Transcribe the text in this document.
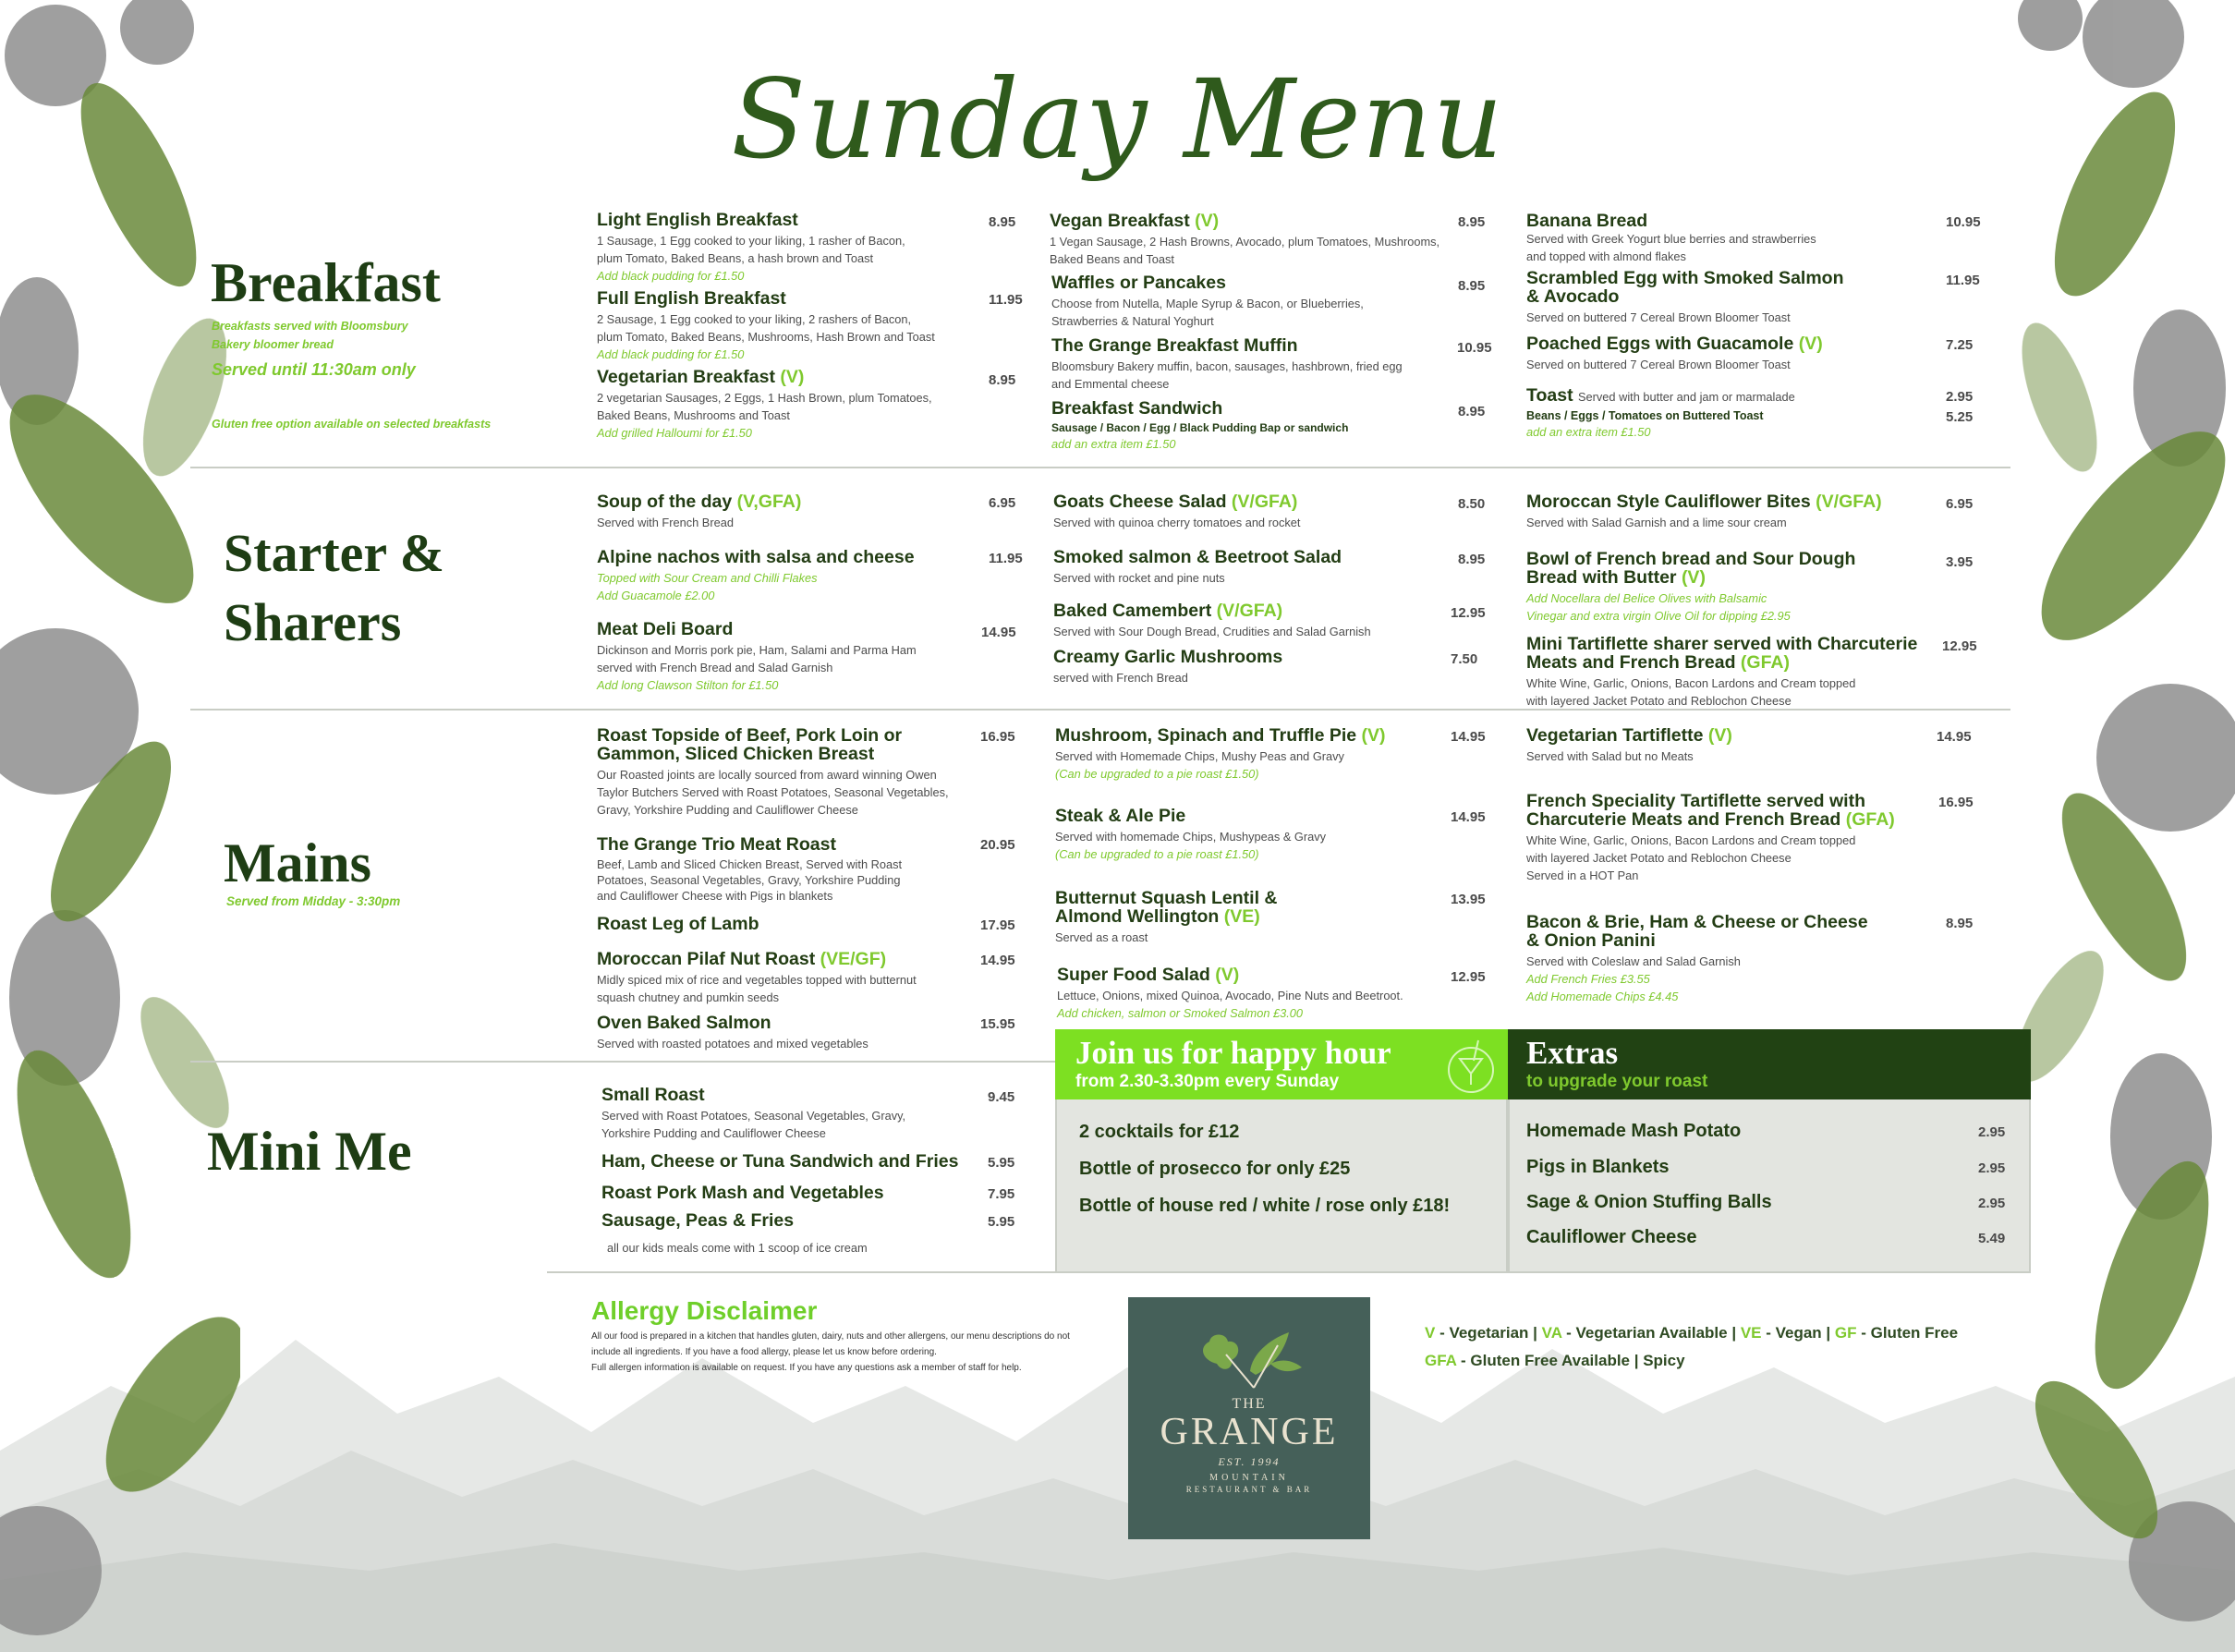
Sunday Menu
Breakfast
Breakfasts served with Bloomsbury
Bakery bloomer bread
Served until 11:30am only
Gluten free option available on selected breakfasts
Light English Breakfast
1 Sausage, 1 Egg cooked to your liking, 1 rasher of Bacon,
plum Tomato, Baked Beans, a hash brown and Toast
Add black pudding for £1.50
8.95
Full English Breakfast
2 Sausage, 1 Egg cooked to your liking, 2 rashers of Bacon,
plum Tomato, Baked Beans, Mushrooms, Hash Brown and Toast
Add black pudding for £1.50
11.95
Vegetarian Breakfast (V)
2 vegetarian Sausages, 2 Eggs, 1 Hash Brown, plum Tomatoes,
Baked Beans, Mushrooms and Toast
Add grilled Halloumi for £1.50
8.95
Vegan Breakfast (V)
1 Vegan Sausage, 2 Hash Browns, Avocado, plum Tomatoes, Mushrooms,
Baked Beans and Toast
8.95
Waffles or Pancakes
Choose from Nutella, Maple Syrup & Bacon, or Blueberries,
Strawberries & Natural Yoghurt
8.95
The Grange Breakfast Muffin
Bloomsbury Bakery muffin, bacon, sausages, hashbrown, fried egg
and Emmental cheese
10.95
Breakfast Sandwich
Sausage / Bacon / Egg / Black Pudding Bap or sandwich
add an extra item £1.50
8.95
Banana Bread
Served with Greek Yogurt blue berries and strawberries
and topped with almond flakes
10.95
Scrambled Egg with Smoked Salmon
& Avocado
Served on buttered 7 Cereal Brown Bloomer Toast
11.95
Poached Eggs with Guacamole (V)
Served on buttered 7 Cereal Brown Bloomer Toast
7.25
Toast Served with butter and jam or marmalade
Beans / Eggs / Tomatoes on Buttered Toast
add an extra item £1.50
2.95
5.25
Starter &
Sharers
Soup of the day (V,GFA)
Served with French Bread
6.95
Alpine nachos with salsa and cheese
Topped with Sour Cream and Chilli Flakes
Add Guacamole £2.00
11.95
Meat Deli Board
Dickinson and Morris pork pie, Ham, Salami and Parma Ham
served with French Bread and Salad Garnish
Add long Clawson Stilton for £1.50
14.95
Goats Cheese Salad (V/GFA)
Served with quinoa cherry tomatoes and rocket
8.50
Smoked salmon & Beetroot Salad
Served with rocket and pine nuts
8.95
Baked Camembert (V/GFA)
Served with Sour Dough Bread, Crudities and Salad Garnish
12.95
Creamy Garlic Mushrooms
served with French Bread
7.50
Moroccan Style Cauliflower Bites (V/GFA)
Served with Salad Garnish and a lime sour cream
6.95
Bowl of French bread and Sour Dough
Bread with Butter (V)
Add Nocellara del Belice Olives with Balsamic
Vinegar and extra virgin Olive Oil for dipping £2.95
3.95
Mini Tartiflette sharer served with Charcuterie
Meats and French Bread (GFA)
White Wine, Garlic, Onions, Bacon Lardons and Cream topped
with layered Jacket Potato and Reblochon Cheese
12.95
Mains
Served from Midday - 3:30pm
Roast Topside of Beef, Pork Loin or
Gammon, Sliced Chicken Breast
Our Roasted joints are locally sourced from award winning Owen
Taylor Butchers Served with Roast Potatoes, Seasonal Vegetables,
Gravy, Yorkshire Pudding and Cauliflower Cheese
16.95
The Grange Trio Meat Roast
Beef, Lamb and Sliced Chicken Breast, Served with Roast
Potatoes, Seasonal Vegetables, Gravy, Yorkshire Pudding
and Cauliflower Cheese with Pigs in blankets
20.95
Roast Leg of Lamb	17.95
Moroccan Pilaf Nut Roast (VE/GF)
Midly spiced mix of rice and vegetables topped with butternut
squash chutney and pumkin seeds
14.95
Oven Baked Salmon
Served with roasted potatoes and mixed vegetables
15.95
Mushroom, Spinach and Truffle Pie (V)
Served with Homemade Chips, Mushy Peas and Gravy
(Can be upgraded to a pie roast £1.50)
14.95
Steak & Ale Pie
Served with homemade Chips, Mushypeas & Gravy
(Can be upgraded to a pie roast £1.50)
14.95
Butternut Squash Lentil &
Almond Wellington (VE)
Served as a roast
13.95
Super Food Salad (V)
Lettuce, Onions, mixed Quinoa, Avocado, Pine Nuts and Beetroot.
Add chicken, salmon or Smoked Salmon £3.00
12.95
Vegetarian Tartiflette (V)
Served with Salad but no Meats
14.95
French Speciality Tartiflette served with
Charcuterie Meats and French Bread (GFA)
White Wine, Garlic, Onions, Bacon Lardons and Cream topped
with layered Jacket Potato and Reblochon Cheese
Served in a HOT Pan
16.95
Bacon & Brie, Ham & Cheese or Cheese
& Onion Panini
Served with Coleslaw and Salad Garnish
Add French Fries £3.55
Add Homemade Chips £4.45
8.95
Mini Me
Small Roast
Served with Roast Potatoes, Seasonal Vegetables, Gravy,
Yorkshire Pudding and Cauliflower Cheese
9.45
Ham, Cheese or Tuna Sandwich and Fries 5.95
Roast Pork Mash and Vegetables	7.95
Sausage, Peas & Fries	5.95
all our kids meals come with 1 scoop of ice cream
Join us for happy hour
from 2.30-3.30pm every Sunday
2 cocktails for £12
Bottle of prosecco for only £25
Bottle of house red / white / rose only £18!
Extras
to upgrade your roast
Homemade Mash Potato	2.95
Pigs in Blankets	2.95
Sage & Onion Stuffing Balls	2.95
Cauliflower Cheese	5.49
Allergy Disclaimer
All our food is prepared in a kitchen that handles gluten, dairy, nuts and other allergens, our menu descriptions do not
include all ingredients. If you have a food allergy, please let us know before ordering.
Full allergen information is available on request. If you have any questions ask a member of staff for help.
THE
GRANGE
EST. 1994
MOUNTAIN
RESTAURANT & BAR
V - Vegetarian | VA - Vegetarian Available | VE - Vegan | GF - Gluten Free
GFA - Gluten Free Available | Spicy
